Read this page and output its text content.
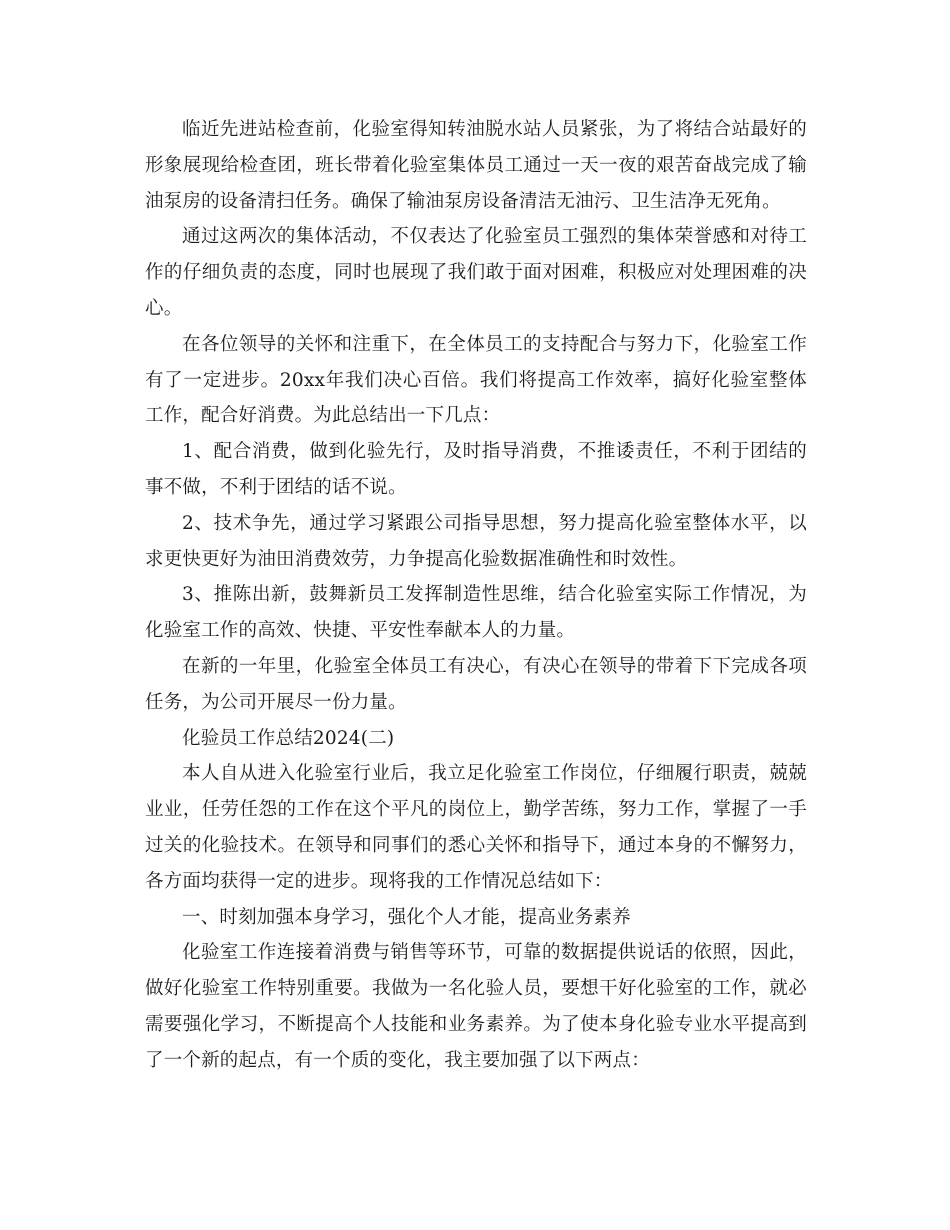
临近先进站检查前，化验室得知转油脱水站人员紧张，为了将结合站最好的形象展现给检查团，班长带着化验室集体员工通过一天一夜的艰苦奋战完成了输油泵房的设备清扫任务。确保了输油泵房设备清洁无油污、卫生洁净无死角。

通过这两次的集体活动，不仅表达了化验室员工强烈的集体荣誉感和对待工作的仔细负责的态度，同时也展现了我们敢于面对困难，积极应对处理困难的决心。

在各位领导的关怀和注重下，在全体员工的支持配合与努力下，化验室工作有了一定进步。20xx年我们决心百倍。我们将提高工作效率，搞好化验室整体工作，配合好消费。为此总结出一下几点：

1、配合消费，做到化验先行，及时指导消费，不推诿责任，不利于团结的事不做，不利于团结的话不说。

2、技术争先，通过学习紧跟公司指导思想，努力提高化验室整体水平，以求更快更好为油田消费效劳，力争提高化验数据准确性和时效性。

3、推陈出新，鼓舞新员工发挥制造性思维，结合化验室实际工作情况，为化验室工作的高效、快捷、平安性奉献本人的力量。

在新的一年里，化验室全体员工有决心，有决心在领导的带着下下完成各项任务，为公司开展尽一份力量。

化验员工作总结2024(二)

本人自从进入化验室行业后，我立足化验室工作岗位，仔细履行职责，兢兢业业，任劳任怨的工作在这个平凡的岗位上，勤学苦练，努力工作，掌握了一手过关的化验技术。在领导和同事们的悉心关怀和指导下，通过本身的不懈努力，各方面均获得一定的进步。现将我的工作情况总结如下：

一、时刻加强本身学习，强化个人才能，提高业务素养

化验室工作连接着消费与销售等环节，可靠的数据提供说话的依照，因此，做好化验室工作特别重要。我做为一名化验人员，要想干好化验室的工作，就必需要强化学习，不断提高个人技能和业务素养。为了使本身化验专业水平提高到了一个新的起点，有一个质的变化，我主要加强了以下两点：
